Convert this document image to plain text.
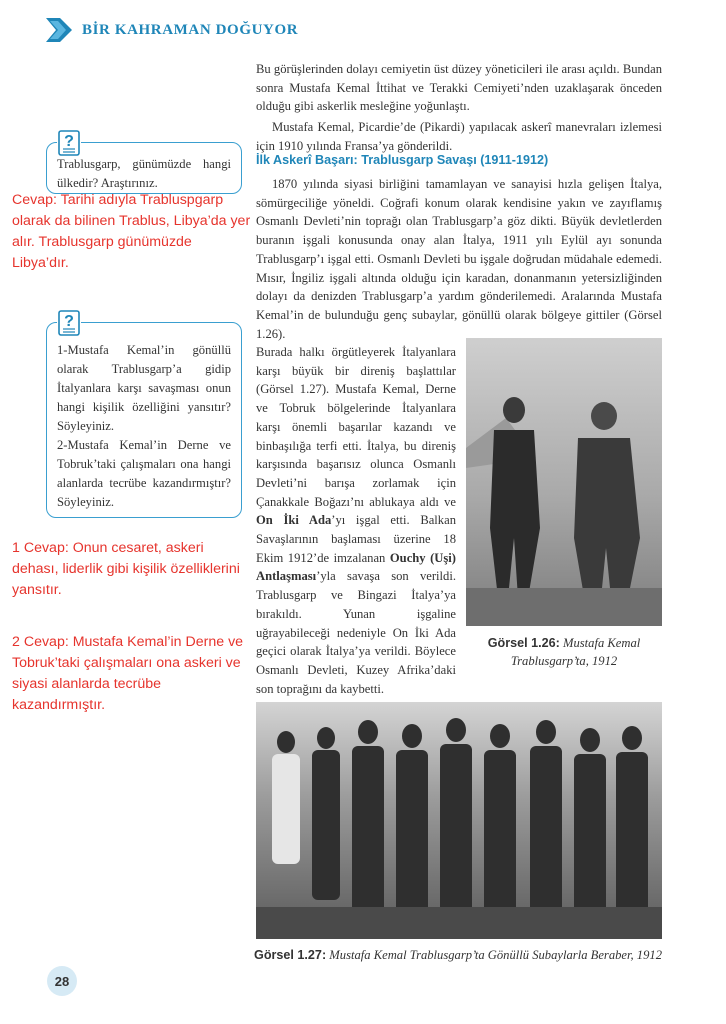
BİR KAHRAMAN DOĞUYOR
?
Trablusgarp, günümüzde hangi ülkedir? Araştırınız.
Cevap: Tarihi adıyla Trabluspgarp olarak da bilinen Trablus, Libya’da yer alır. Trablusgarp günümüzde Libya’dır.
?
1-Mustafa Kemal’in gönüllü olarak Trablusgarp’a gidip İtalyanlara karşı savaşması onun hangi kişilik özelliğini yansıtır? Söyleyiniz.
2-Mustafa Kemal’in Derne ve Tobruk’taki çalışmaları ona hangi alanlarda tecrübe kazandırmıştır? Söyleyiniz.
1 Cevap: Onun cesaret, askeri dehası, liderlik gibi kişilik özelliklerini yansıtır.
2 Cevap: Mustafa Kemal’in Derne ve Tobruk’taki çalışmaları ona askeri ve siyasi alanlarda tecrübe kazandırmıştır.
Bu görüşlerinden dolayı cemiyetin üst düzey yöneticileri ile arası açıldı. Bundan sonra Mustafa Kemal İttihat ve Terakki Cemiyeti’nden uzaklaşarak önceden olduğu gibi askerlik mesleğine yoğunlaştı.

Mustafa Kemal, Picardie’de (Pikardi) yapılacak askerî manevraları izlemesi için 1910 yılında Fransa’ya gönderildi.

İlk Askerî Başarı: Trablusgarp Savaşı (1911-1912)

1870 yılında siyasi birliğini tamamlayan ve sanayisi hızla gelişen İtalya, sömürgeciliğe yöneldi. Coğrafi konum olarak kendisine yakın ve zayıflamış Osmanlı Devleti’nin toprağı olan Trablusgarp’a göz dikti. Büyük devletlerden buranın işgali konusunda onay alan İtalya, 1911 yılı Eylül ayı sonunda Trablusgarp’ı işgal etti. Osmanlı Devleti bu işgale doğrudan müdahale edemedi. Mısır, İngiliz işgali altında olduğu için karadan, donanmanın yetersizliğinden dolayı da denizden Trablusgarp’a yardım gönderilemedi. Aralarında Mustafa Kemal’in de bulunduğu genç subaylar, gönüllü olarak bölgeye gittiler (Görsel 1.26).

Burada halkı örgütleyerek İtalyanlara karşı büyük bir direniş başlattılar (Görsel 1.27). Mustafa Kemal, Derne ve Tobruk bölgelerinde İtalyanlara karşı önemli başarılar kazandı ve binbaşılığa terfi etti. İtalya, bu direniş karşısında başarısız olunca Osmanlı Devleti’ni barışa zorlamak için Çanakkale Boğazı’nı ablukaya aldı ve On İki Ada’yı işgal etti. Balkan Savaşlarının başlaması üzerine 18 Ekim 1912’de imzalanan Ouchy (Uşi) Antlaşması’yla savaşa son verildi. Trablusgarp ve Bingazi İtalya’ya bırakıldı. Yunan işgaline uğrayabileceği nedeniyle On İki Ada geçici olarak İtalya’ya verildi. Böylece Osmanlı Devleti, Kuzey Afrika’daki son toprağını da kaybetti.
Görsel 1.26: Mustafa Kemal Trablusgarp’ta, 1912
Görsel 1.27: Mustafa Kemal Trablusgarp’ta Gönüllü Subaylarla Beraber, 1912
28
